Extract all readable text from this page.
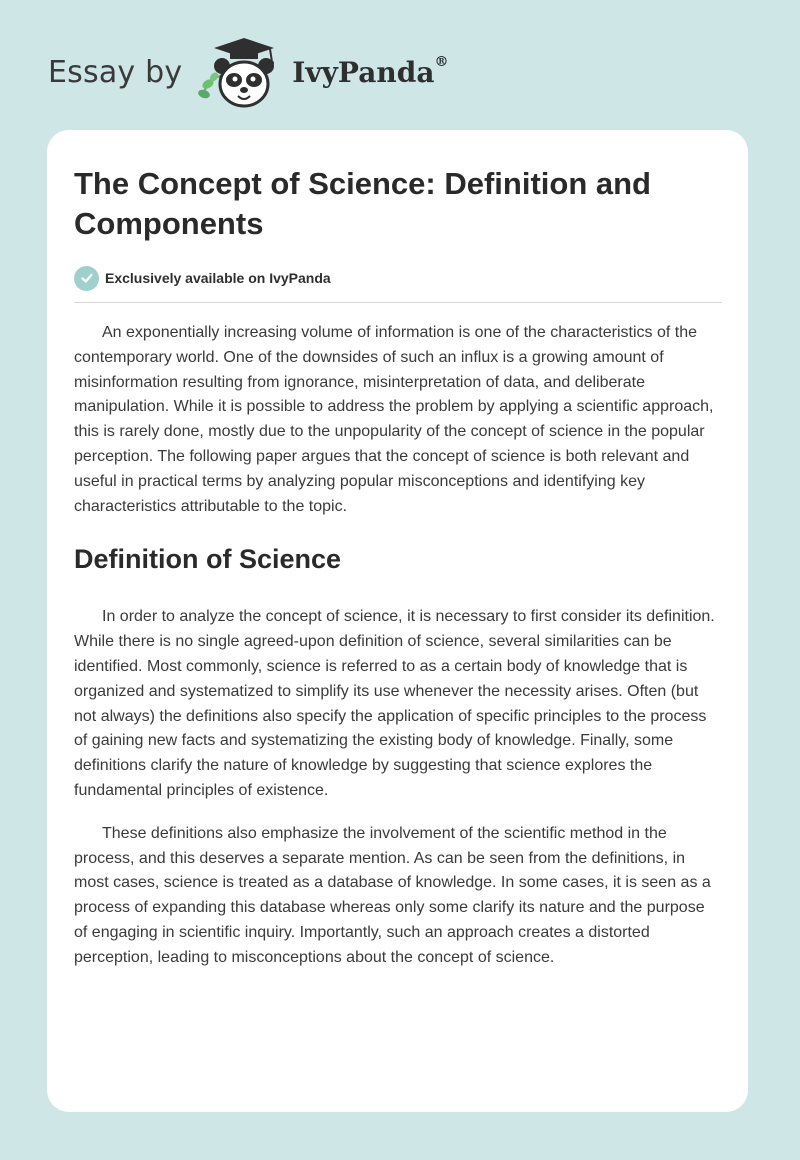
Essay by	IvyPanda®
The Concept of Science: Definition and Components
Exclusively available on IvyPanda

An exponentially increasing volume of information is one of the characteristics of the contemporary world. One of the downsides of such an influx is a growing amount of misinformation resulting from ignorance, misinterpretation of data, and deliberate manipulation. While it is possible to address the problem by applying a scientific approach, this is rarely done, mostly due to the unpopularity of the concept of science in the popular perception. The following paper argues that the concept of science is both relevant and useful in practical terms by analyzing popular misconceptions and identifying key characteristics attributable to the topic.

Definition of Science

In order to analyze the concept of science, it is necessary to first consider its definition. While there is no single agreed-upon definition of science, several similarities can be identified. Most commonly, science is referred to as a certain body of knowledge that is organized and systematized to simplify its use whenever the necessity arises. Often (but not always) the definitions also specify the application of specific principles to the process of gaining new facts and systematizing the existing body of knowledge. Finally, some definitions clarify the nature of knowledge by suggesting that science explores the fundamental principles of existence.

These definitions also emphasize the involvement of the scientific method in the process, and this deserves a separate mention. As can be seen from the definitions, in most cases, science is treated as a database of knowledge. In some cases, it is seen as a process of expanding this database whereas only some clarify its nature and the purpose of engaging in scientific inquiry. Importantly, such an approach creates a distorted perception, leading to misconceptions about the concept of science.
